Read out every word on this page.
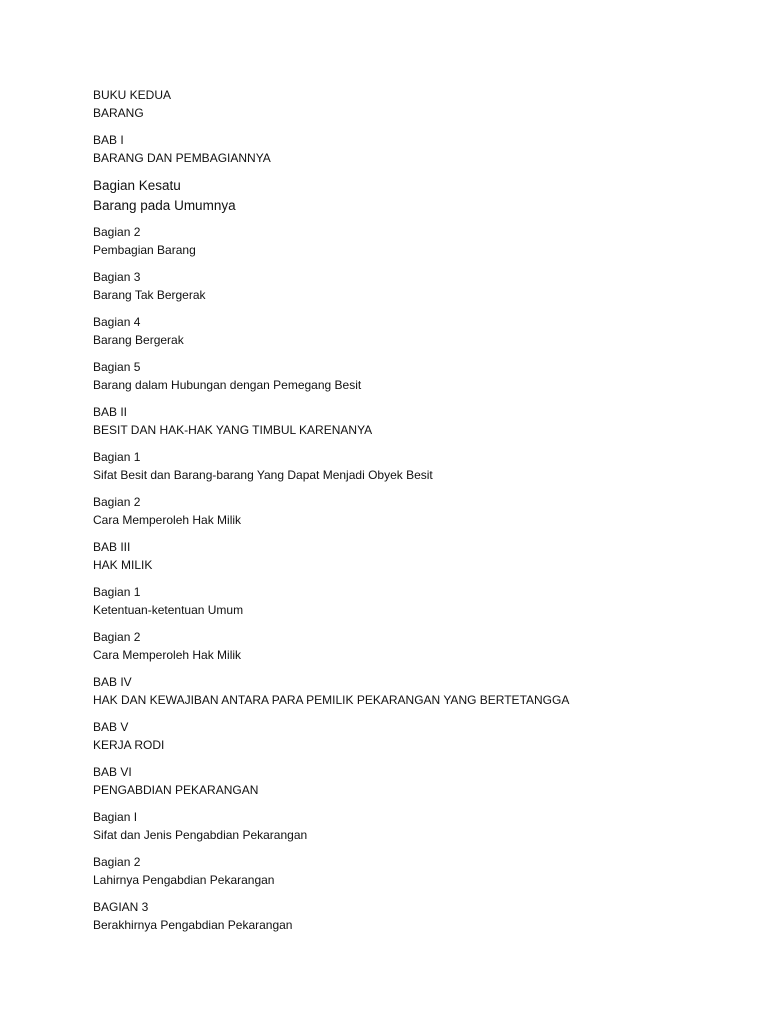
BUKU KEDUA
BARANG
BAB I
BARANG DAN PEMBAGIANNYA
Bagian Kesatu
Barang pada Umumnya
Bagian 2
Pembagian Barang
Bagian 3
Barang Tak Bergerak
Bagian 4
Barang Bergerak
Bagian 5
Barang dalam Hubungan dengan Pemegang Besit
BAB II
BESIT DAN HAK-HAK YANG TIMBUL KARENANYA
Bagian 1
Sifat Besit dan Barang-barang Yang Dapat Menjadi Obyek Besit
Bagian 2
Cara Memperoleh Hak Milik
BAB III
HAK MILIK
Bagian 1
Ketentuan-ketentuan Umum
Bagian 2
Cara Memperoleh Hak Milik
BAB IV
HAK DAN KEWAJIBAN ANTARA PARA PEMILIK PEKARANGAN YANG BERTETANGGA
BAB V
KERJA RODI
BAB VI
PENGABDIAN PEKARANGAN
Bagian I
Sifat dan Jenis Pengabdian Pekarangan
Bagian 2
Lahirnya Pengabdian Pekarangan
BAGIAN 3
Berakhirnya Pengabdian Pekarangan
